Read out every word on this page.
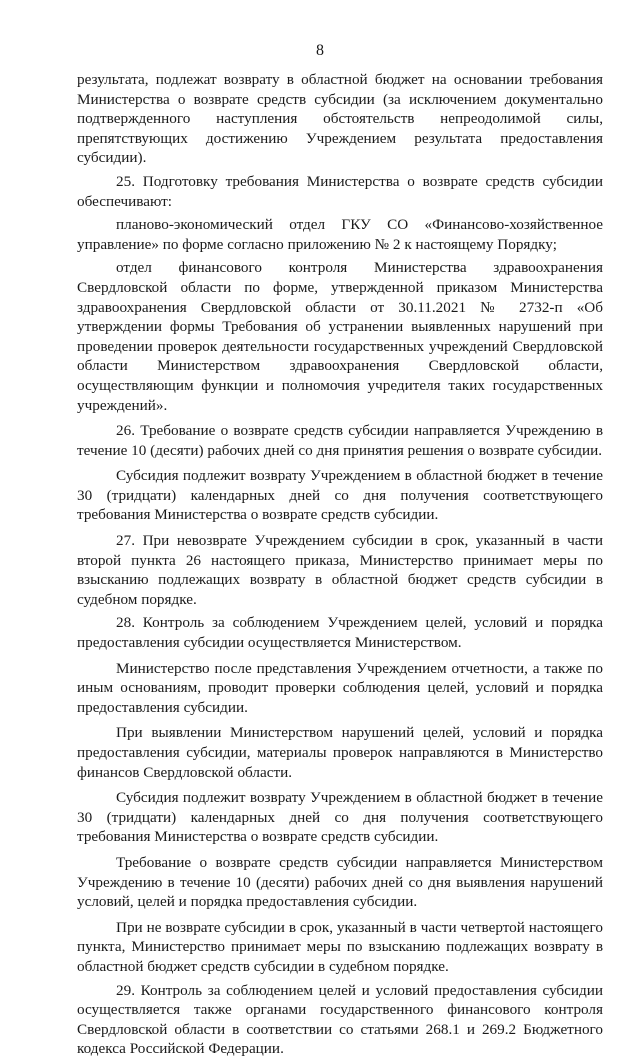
8

результата, подлежат возврату в областной бюджет на основании требования Министерства о возврате средств субсидии (за исключением документально подтвержденного наступления обстоятельств непреодолимой силы, препятствующих достижению Учреждением результата предоставления субсидии).

25. Подготовку требования Министерства о возврате средств субсидии обеспечивают:

планово-экономический отдел ГКУ СО «Финансово-хозяйственное управление» по форме согласно приложению № 2 к настоящему Порядку;

отдел финансового контроля Министерства здравоохранения Свердловской области по форме, утвержденной приказом Министерства здравоохранения Свердловской области от 30.11.2021 № 2732-п «Об утверждении формы Требования об устранении выявленных нарушений при проведении проверок деятельности государственных учреждений Свердловской области Министерством здравоохранения Свердловской области, осуществляющим функции и полномочия учредителя таких государственных учреждений».

26. Требование о возврате средств субсидии направляется Учреждению в течение 10 (десяти) рабочих дней со дня принятия решения о возврате субсидии.

Субсидия подлежит возврату Учреждением в областной бюджет в течение 30 (тридцати) календарных дней со дня получения соответствующего требования Министерства о возврате средств субсидии.

27. При невозврате Учреждением субсидии в срок, указанный в части второй пункта 26 настоящего приказа, Министерство принимает меры по взысканию подлежащих возврату в областной бюджет средств субсидии в судебном порядке.

28. Контроль за соблюдением Учреждением целей, условий и порядка предоставления субсидии осуществляется Министерством.

Министерство после представления Учреждением отчетности, а также по иным основаниям, проводит проверки соблюдения целей, условий и порядка предоставления субсидии.

При выявлении Министерством нарушений целей, условий и порядка предоставления субсидии, материалы проверок направляются в Министерство финансов Свердловской области.

Субсидия подлежит возврату Учреждением в областной бюджет в течение 30 (тридцати) календарных дней со дня получения соответствующего требования Министерства о возврате средств субсидии.

Требование о возврате средств субсидии направляется Министерством Учреждению в течение 10 (десяти) рабочих дней со дня выявления нарушений условий, целей и порядка предоставления субсидии.

При не возврате субсидии в срок, указанный в части четвертой настоящего пункта, Министерство принимает меры по взысканию подлежащих возврату в областной бюджет средств субсидии в судебном порядке.

29. Контроль за соблюдением целей и условий предоставления субсидии осуществляется также органами государственного финансового контроля Свердловской области в соответствии со статьями 268.1 и 269.2 Бюджетного кодекса Российской Федерации.
